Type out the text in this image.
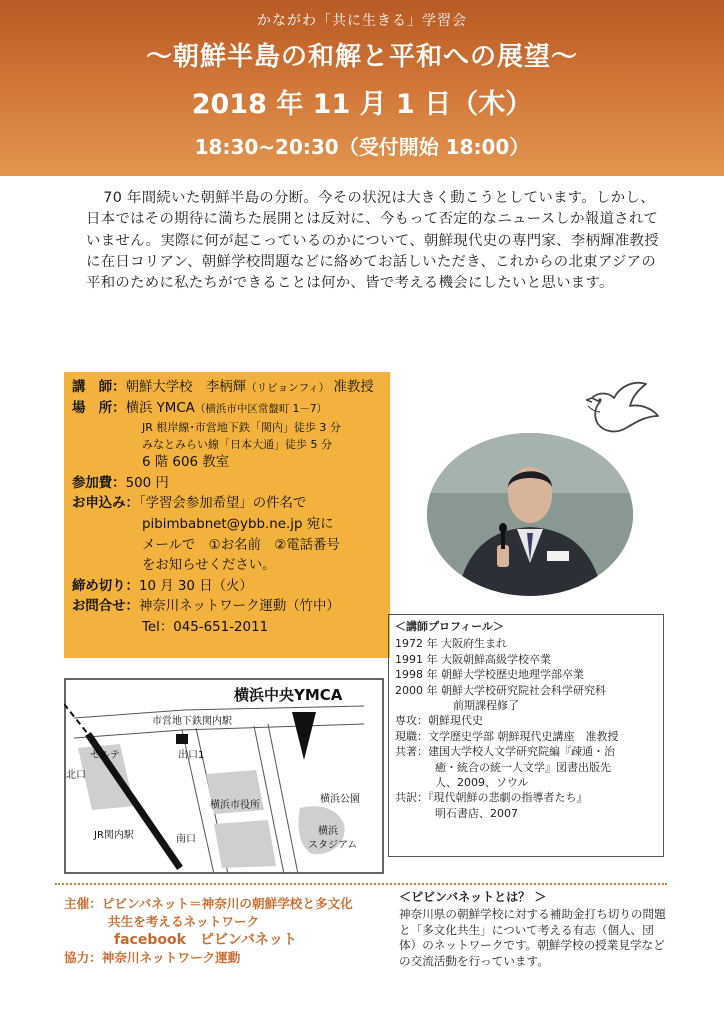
かながわ「共に生きる」学習会
〜朝鮮半島の和解と平和への展望〜
2018 年 11 月 1 日（木）
18:30~20:30（受付開始 18:00）

70 年間続いた朝鮮半島の分断。今その状況は大きく動こうとしています。しかし、日本ではその期待に満ちた展開とは反対に、今もって否定的なニュースしか報道されていません。実際に何が起こっているのかについて、朝鮮現代史の専門家、李柄輝准教授に在日コリアン、朝鮮学校問題などに絡めてお話しいただき、これからの北東アジアの平和のために私たちができることは何か、皆で考える機会にしたいと思います。

講　師：朝鮮大学校　李柄輝（リビョンフィ） 准教授
場　所：横浜 YMCA（横浜市中区常盤町 1－7）
JR 根岸線･市営地下鉄「関内」徒歩 3 分
みなとみらい線「日本大通」徒歩 5 分
6 階 606 教室
参加費：500 円
お申込み：「学習会参加希望」の件名で
pibimbabnet@ybb.ne.jp 宛に
メールで　①お名前　②電話番号
をお知らせください。
締め切り：10 月 30 日（火）
お問合せ：神奈川ネットワーク運動（竹中）
Tel：045-651-2011	＜講師プロフィール＞
1972 年 大阪府生まれ
1991 年 大阪朝鮮高級学校卒業
1998 年 朝鮮大学校歴史地理学部卒業
2000 年 朝鮮大学校研究院社会科学研究科
前期課程修了
専攻：朝鮮現代史
現職：文学歴史学部 朝鮮現代史講座　准教授
共著：建国大学校人文学研究院編『疎通・治
癒・統合の統一人文学』図書出版先
人、2009、ソウル
共訳：『現代朝鮮の悲劇の指導者たち』
明石書店、2007
横浜中央YMCA
市営地下鉄関内駅
出口1
セルテ
北口
JR関内駅	南口
横浜市役所
横浜公園
横浜
スタジアム
主催：ピビンバネット＝神奈川の朝鮮学校と多文化
共生を考えるネットワーク
facebook　ピビンバネット
協力：神奈川ネットワーク運動
＜ピビンバネットとは？ ＞
神奈川県の朝鮮学校に対する補助金打ち切りの問題と「多文化共生」について考える有志（個人、団体）のネットワークです。朝鮮学校の授業見学などの交流活動を行っています。
